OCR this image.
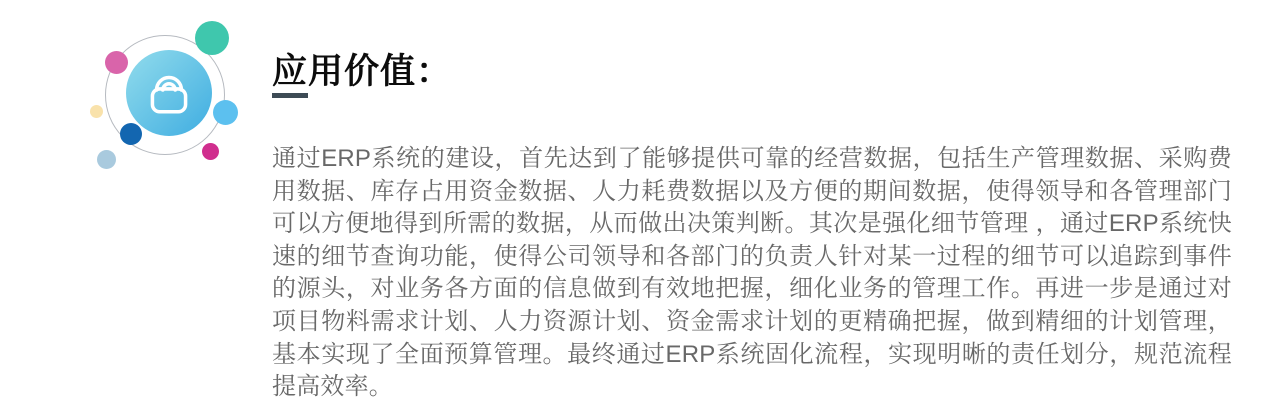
应用价值：

通过ERP系统的建设，首先达到了能够提供可靠的经营数据，包括生产管理数据、采购费用数据、库存占用资金数据、人力耗费数据以及方便的期间数据，使得领导和各管理部门可以方便地得到所需的数据，从而做出决策判断。其次是强化细节管理 ，通过ERP系统快速的细节查询功能，使得公司领导和各部门的负责人针对某一过程的细节可以追踪到事件的源头，对业务各方面的信息做到有效地把握，细化业务的管理工作。再进一步是通过对项目物料需求计划、人力资源计划、资金需求计划的更精确把握，做到精细的计划管理，基本实现了全面预算管理。最终通过ERP系统固化流程，实现明晰的责任划分，规范流程提高效率。
